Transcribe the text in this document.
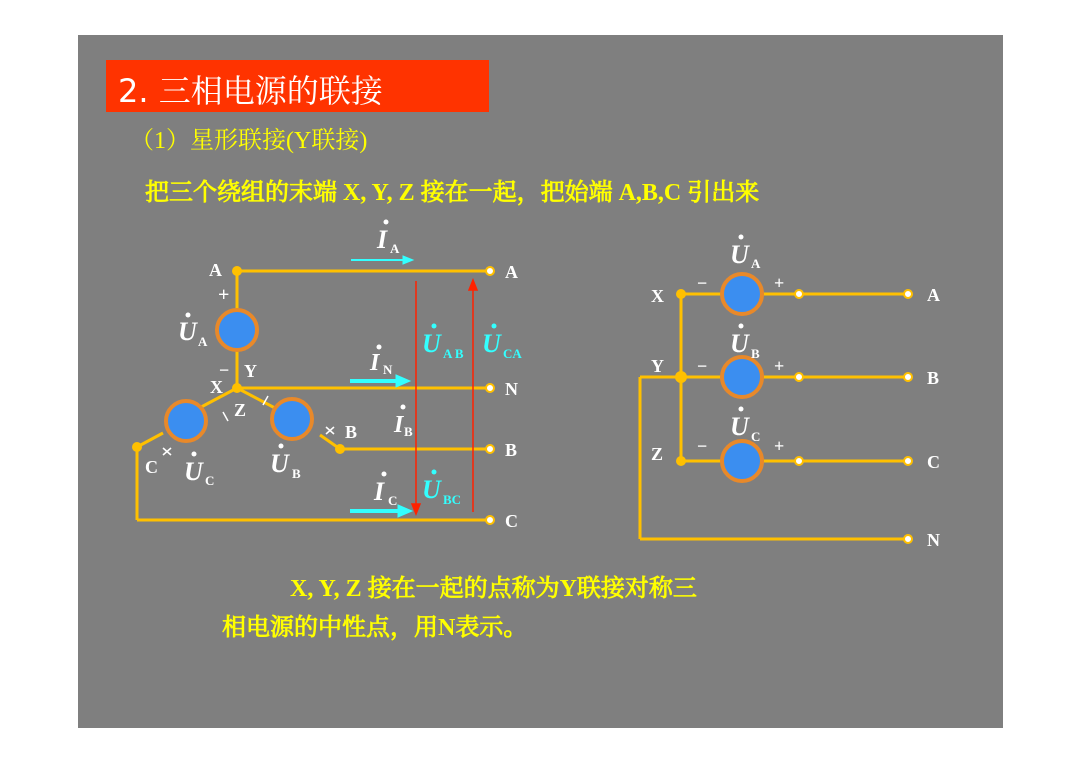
2. 三相电源的联接
（1）星形联接(Y联接)
把三个绕组的末端 X, Y, Z 接在一起，把始端 A,B,C 引出来
A
+
X
− Y
Z
B
C
A
N
B
C
I A
U A
I N
U A B U CA
I B
U C
U B
I C U BC
X
Y
Z
A
B
C
N
−	+
−	+
−	+
U A
U B
U C
X, Y, Z 接在一起的点称为Y联接对称三
相电源的中性点，用N表示。
